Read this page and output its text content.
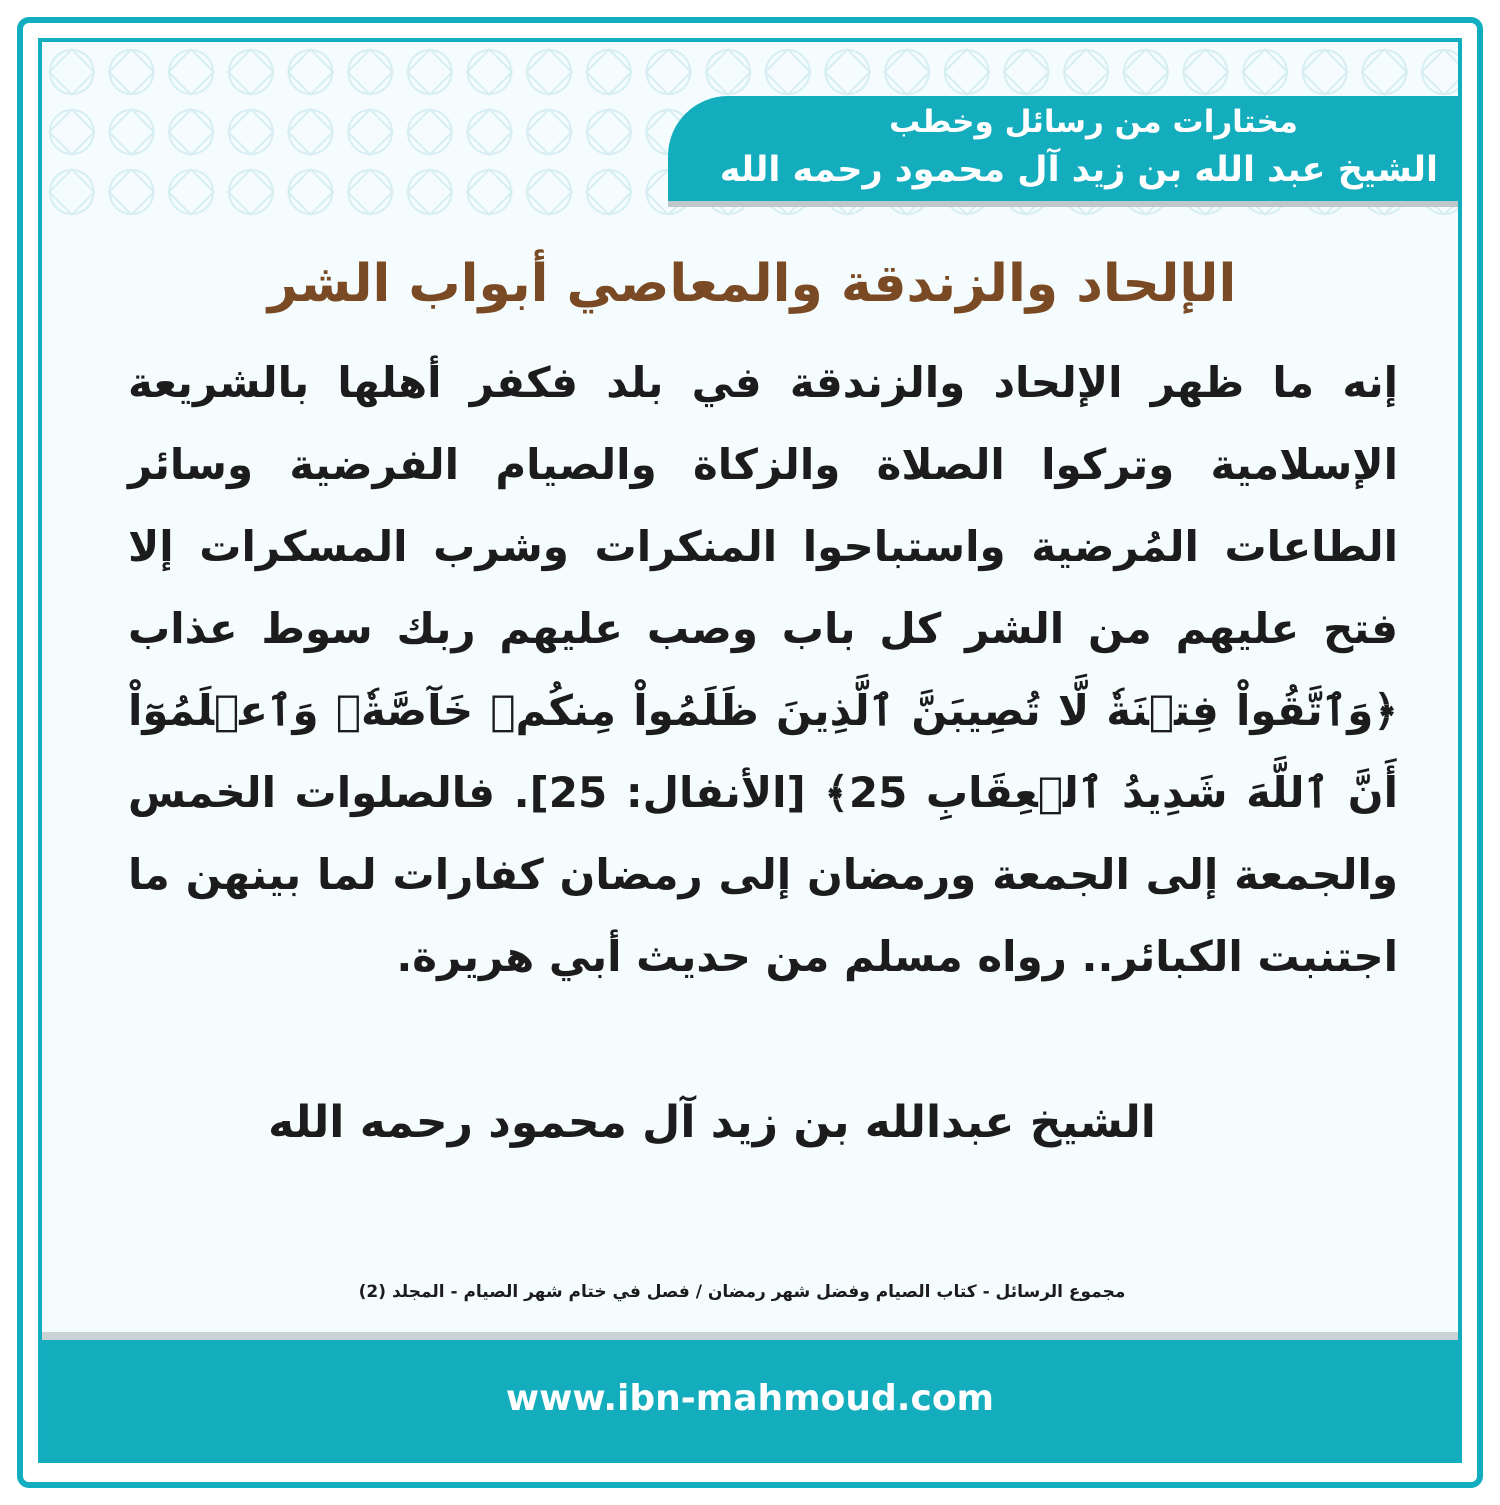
مختارات من رسائل وخطب
الشيخ عبد الله بن زيد آل محمود رحمه الله
الإلحاد والزندقة والمعاصي أبواب الشر
إنه ما ظهر الإلحاد والزندقة في بلد فكفر أهلها بالشريعة الإسلامية وتركوا الصلاة والزكاة والصيام الفرضية وسائر الطاعات المُرضية واستباحوا المنكرات وشرب المسكرات إلا فتح عليهم من الشر كل باب وصب عليهم ربك سوط عذاب ﴿وَٱتَّقُواْ فِتۡنَةٗ لَّا تُصِيبَنَّ ٱلَّذِينَ ظَلَمُواْ مِنكُمۡ خَآصَّةٗۖ وَٱعۡلَمُوٓاْ أَنَّ ٱللَّهَ شَدِيدُ ٱلۡعِقَابِ 25﴾ [الأنفال: 25]. فالصلوات الخمس والجمعة إلى الجمعة ورمضان إلى رمضان كفارات لما بينهن ما اجتنبت الكبائر.. رواه مسلم من حديث أبي هريرة.
الشيخ عبدالله بن زيد آل محمود رحمه الله
مجموع الرسائل - كتاب الصيام وفضل شهر رمضان / فصل في ختام شهر الصيام - المجلد (2)
www.ibn-mahmoud.com
